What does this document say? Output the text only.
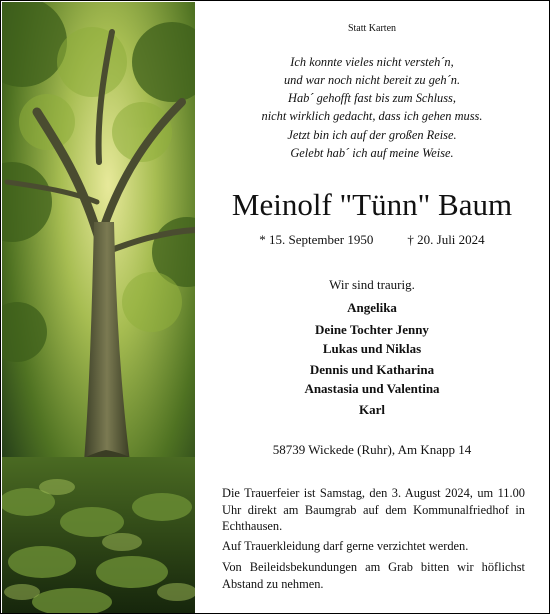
Statt Karten
Ich konnte vieles nicht versteh´n,
und war noch nicht bereit zu geh´n.
Hab´ gehofft fast bis zum Schluss,
nicht wirklich gedacht, dass ich gehen muss.
Jetzt bin ich auf der großen Reise.
Gelebt hab´ ich auf meine Weise.
Meinolf "Tünn" Baum
* 15. September 1950	† 20. Juli 2024
Wir sind traurig.
Angelika
Deine Tochter Jenny
Lukas und Niklas
Dennis und Katharina
Anastasia und Valentina
Karl
58739 Wickede (Ruhr), Am Knapp 14
Die Trauerfeier ist Samstag, den 3. August 2024, um 11.00 Uhr direkt am Baumgrab auf dem Kommunalfriedhof in Echthausen.
Auf Trauerkleidung darf gerne verzichtet werden.
Von Beileidsbekundungen am Grab bitten wir höflichst Abstand zu nehmen.
